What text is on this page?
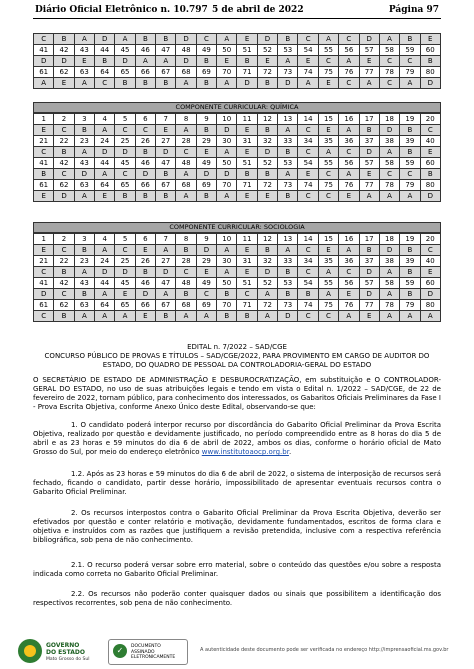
Diário Oficial Eletrônico n. 10.797 5 de abril de 2022	Página 97
C	B	A	D	A	B	B	D	C	A	E	D	B	C	A	C	D	A	B	E
41	42	43	44	45	46	47	48	49	50	51	52	53	54	55	56	57	58	59	60
D	D	E	B	D	A	A	D	B	E	B	E	A	E	C	A	E	C	C	B
61	62	63	64	65	66	67	68	69	70	71	72	73	74	75	76	77	78	79	80
A	E	A	C	B	B	B	A	B	A	D	B	D	A	E	C	A	C	A	D
COMPONENTE CURRICULAR: QUÍMICA
1	2	3	4	5	6	7	8	9	10	11	12	13	14	15	16	17	18	19	20
E	C	B	A	C	C	E	A	B	D	E	B	A	C	E	A	B	D	B	C
21	22	23	24	25	26	27	28	29	30	31	32	33	34	35	36	37	38	39	40
C	B	A	D	D	B	D	C	E	A	E	D	B	C	A	C	D	A	B	E
41	42	43	44	45	46	47	48	49	50	51	52	53	54	55	56	57	58	59	60
B	C	D	A	C	D	B	A	D	D	B	B	A	E	C	A	E	C	C	B
61	62	63	64	65	66	67	68	69	70	71	72	73	74	75	76	77	78	79	80
E	D	A	E	B	B	B	A	B	A	E	E	B	C	C	E	A	A	A	D
COMPONENTE CURRICULAR: SOCIOLOGIA
1	2	3	4	5	6	7	8	9	10	11	12	13	14	15	16	17	18	19	20
E	C	B	A	C	E	A	B	D	A	E	B	A	C	E	A	B	D	B	C
21	22	23	24	25	26	27	28	29	30	31	32	33	34	35	36	37	38	39	40
C	B	A	D	D	B	D	C	E	A	E	D	B	C	A	C	D	A	B	E
41	42	43	44	45	46	47	48	49	50	51	52	53	54	55	56	57	58	59	60
D	C	B	A	E	D	A	B	C	B	C	A	B	B	A	E	D	A	B	D
61	62	63	64	65	66	67	68	69	70	71	72	73	74	75	76	77	78	79	80
C	B	A	A	A	E	B	A	A	B	B	A	D	C	C	A	E	A	A	A
EDITAL n. 7/2022 – SAD/CGE
CONCURSO PÚBLICO DE PROVAS E TÍTULOS – SAD/CGE/2022, PARA PROVIMENTO EM CARGO DE AUDITOR DO ESTADO, DO QUADRO DE PESSOAL DA CONTROLADORIA-GERAL DO ESTADO
O SECRETÁRIO DE ESTADO DE ADMINISTRAÇÃO E DESBUROCRATIZAÇÃO, em substituição e O CONTROLADOR-GERAL DO ESTADO, no uso de suas atribuições legais e tendo em vista o Edital n. 1/2022 – SAD/CGE, de 22 de fevereiro de 2022, tornam público, para conhecimento dos interessados, os Gabaritos Oficiais Preliminares da Fase I - Prova Escrita Objetiva, conforme Anexo Único deste Edital, observando-se que:
1. O candidato poderá interpor recurso por discordância do Gabarito Oficial Preliminar da Prova Escrita Objetiva, realizado por questão e devidamente justificado, no período compreendido entre as 8 horas do dia 5 de abril e as 23 horas e 59 minutos do dia 6 de abril de 2022, ambos os dias, conforme o horário oficial de Mato Grosso do Sul, por meio do endereço eletrônico www.institutoaocp.org.br.
1.2. Após as 23 horas e 59 minutos do dia 6 de abril de 2022, o sistema de interposição de recursos será fechado, ficando o candidato, partir desse horário, impossibilitado de apresentar eventuais recursos contra o Gabarito Oficial Preliminar.
2. Os recursos interpostos contra o Gabarito Oficial Preliminar da Prova Escrita Objetiva, deverão ser efetivados por questão e conter relatório e motivação, devidamente fundamentados, escritos de forma clara e objetiva e instruídos com as razões que justifiquem a revisão pretendida, inclusive com a respectiva referência bibliográfica, sob pena de não conhecimento.
2.1. O recurso poderá versar sobre erro material, sobre o conteúdo das questões e/ou sobre a resposta indicada como correta no Gabarito Oficial Preliminar.
2.2. Os recursos não poderão conter quaisquer dados ou sinais que possibilitem a identificação dos respectivos recorrentes, sob pena de não conhecimento.
GOVERNO
DO ESTADO
Mato Grosso do Sul
✓	DOCUMENTO
ASSINADO
ELETRONICAMENTE
A autenticidade deste documento pode ser verificada no endereço http://imprensaoficial.ms.gov.br
